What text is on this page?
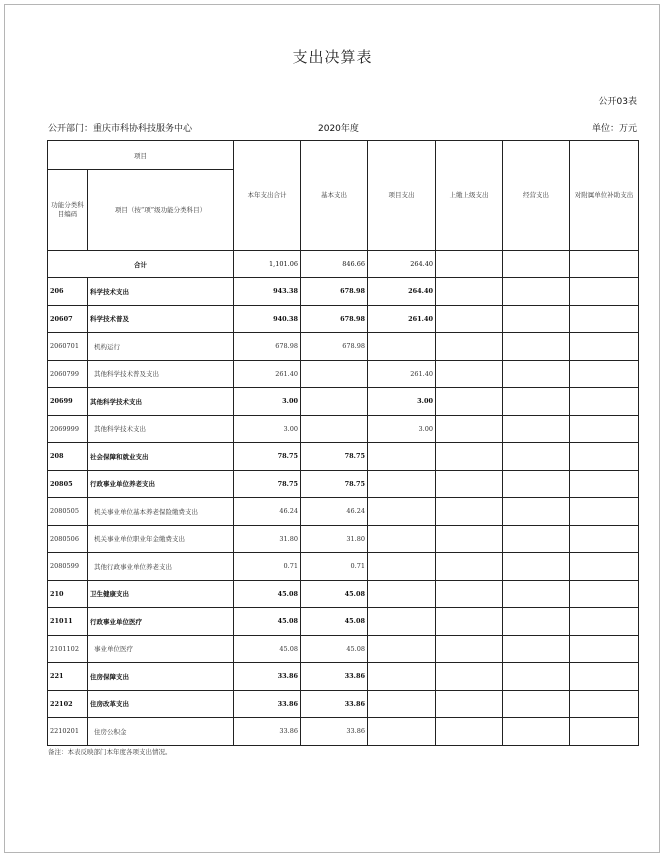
支出决算表
公开03表
公开部门：重庆市科协科技服务中心	2020年度	单位：万元
项目		本年支出合计	基本支出	项目支出	上缴上级支出	经营支出	对附属单位补助支出
功能分类科目编码	项目（按“项”级功能分类科目）						
合计		1,101.06	846.66	264.40			
206	科学技术支出	943.38	678.98	264.40			
20607	科学技术普及	940.38	678.98	261.40			
2060701	机构运行	678.98	678.98				
2060799	其他科学技术普及支出	261.40		261.40			
20699	其他科学技术支出	3.00		3.00			
2069999	其他科学技术支出	3.00		3.00			
208	社会保障和就业支出	78.75	78.75				
20805	行政事业单位养老支出	78.75	78.75				
2080505	机关事业单位基本养老保险缴费支出	46.24	46.24				
2080506	机关事业单位职业年金缴费支出	31.80	31.80				
2080599	其他行政事业单位养老支出	0.71	0.71				
210	卫生健康支出	45.08	45.08				
21011	行政事业单位医疗	45.08	45.08				
2101102	事业单位医疗	45.08	45.08				
221	住房保障支出	33.86	33.86				
22102	住房改革支出	33.86	33.86				
2210201	住房公积金	33.86	33.86				
备注：本表反映部门本年度各项支出情况。
